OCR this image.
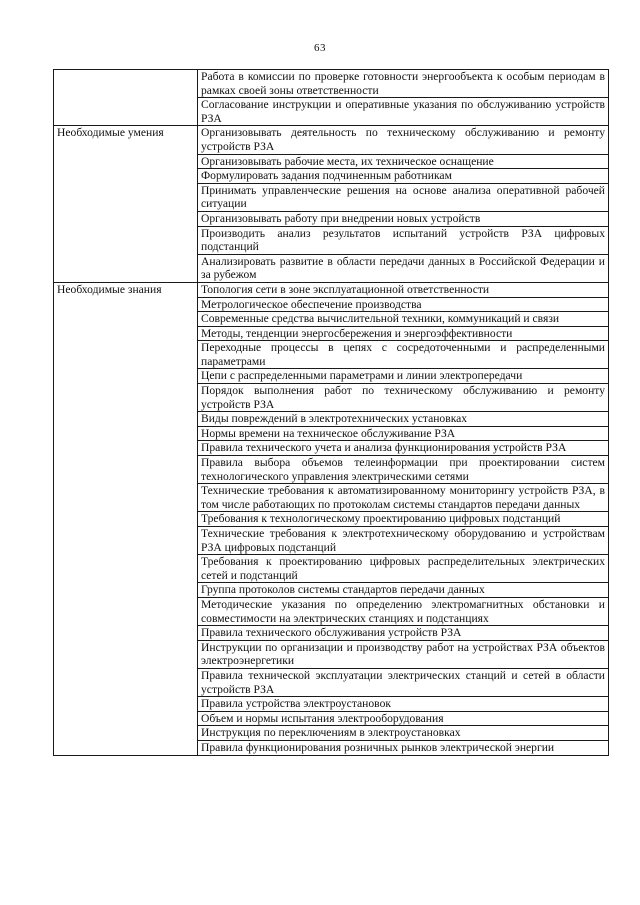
63
	Работа в комиссии по проверке готовности энергообъекта к особым периодам в рамках своей зоны ответственности
	Согласование инструкции и оперативные указания по обслуживанию устройств РЗА
Необходимые умения	Организовывать деятельность по техническому обслуживанию и ремонту устройств РЗА
	Организовывать рабочие места, их техническое оснащение
	Формулировать задания подчиненным работникам
	Принимать управленческие решения на основе анализа оперативной рабочей ситуации
	Организовывать работу при внедрении новых устройств
	Производить анализ результатов испытаний устройств РЗА цифровых подстанций
	Анализировать развитие в области передачи данных в Российской Федерации и за рубежом
Необходимые знания	Топология сети в зоне эксплуатационной ответственности
	Метрологическое обеспечение производства
	Современные средства вычислительной техники, коммуникаций и связи
	Методы, тенденции энергосбережения и энергоэффективности
	Переходные процессы в цепях с сосредоточенными и распределенными параметрами
	Цепи с распределенными параметрами и линии электропередачи
	Порядок выполнения работ по техническому обслуживанию и ремонту устройств РЗА
	Виды повреждений в электротехнических установках
	Нормы времени на техническое обслуживание РЗА
	Правила технического учета и анализа функционирования устройств РЗА
	Правила выбора объемов телеинформации при проектировании систем технологического управления электрическими сетями
	Технические требования к автоматизированному мониторингу устройств РЗА, в том числе работающих по протоколам системы стандартов передачи данных
	Требования к технологическому проектированию цифровых подстанций
	Технические требования к электротехническому оборудованию и устройствам РЗА цифровых подстанций
	Требования к проектированию цифровых распределительных электрических сетей и подстанций
	Группа протоколов системы стандартов передачи данных
	Методические указания по определению электромагнитных обстановки и совместимости на электрических станциях и подстанциях
	Правила технического обслуживания устройств РЗА
	Инструкции по организации и производству работ на устройствах РЗА объектов электроэнергетики
	Правила технической эксплуатации электрических станций и сетей в области устройств РЗА
	Правила устройства электроустановок
	Объем и нормы испытания электрооборудования
	Инструкция по переключениям в электроустановках
	Правила функционирования розничных рынков электрической энергии
